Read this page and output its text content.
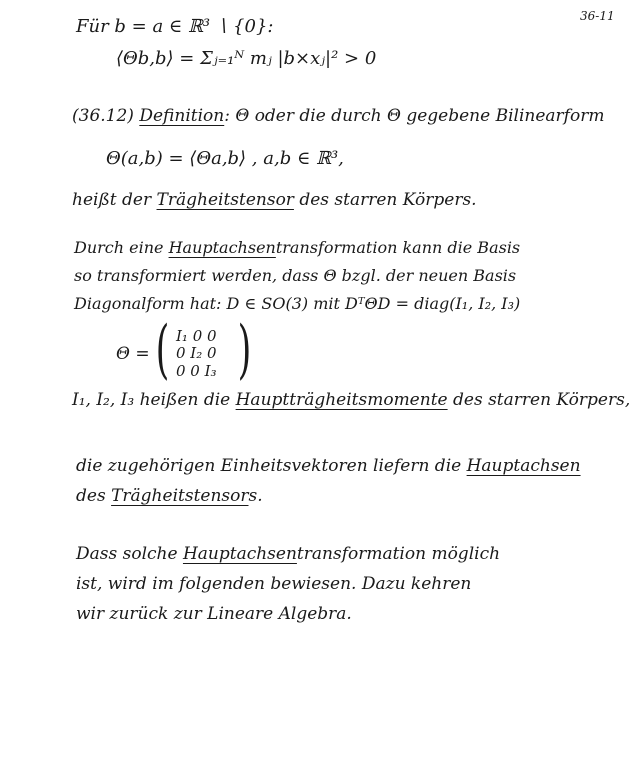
36-11
Für b = a ∈ ℝ³ ∖ {0}:
⟨Θb,b⟩ = Σⱼ₌₁ᴺ mⱼ |b×xⱼ|² > 0
(36.12) Definition: Θ oder die durch Θ gegebene Bilinearform
Θ(a,b) = ⟨Θa,b⟩ , a,b ∈ ℝ³,
heißt der Trägheitstensor des starren Körpers.
Durch eine Hauptachsentransformation kann die Basis
so transformiert werden, dass Θ bzgl. der neuen Basis
Diagonalform hat: D ∈ SO(3) mit DᵀΘD = diag(I₁, I₂, I₃)
Θ = ( I₁ 0 0
0 I₂ 0
0 0 I₃ )
I₁, I₂, I₃ heißen die Hauptträgheitsmomente des starren Körpers,
die zugehörigen Einheitsvektoren liefern die Hauptachsen
des Trägheitstensors.
Dass solche Hauptachsentransformation möglich
ist, wird im folgenden bewiesen. Dazu kehren
wir zurück zur Lineare Algebra.
